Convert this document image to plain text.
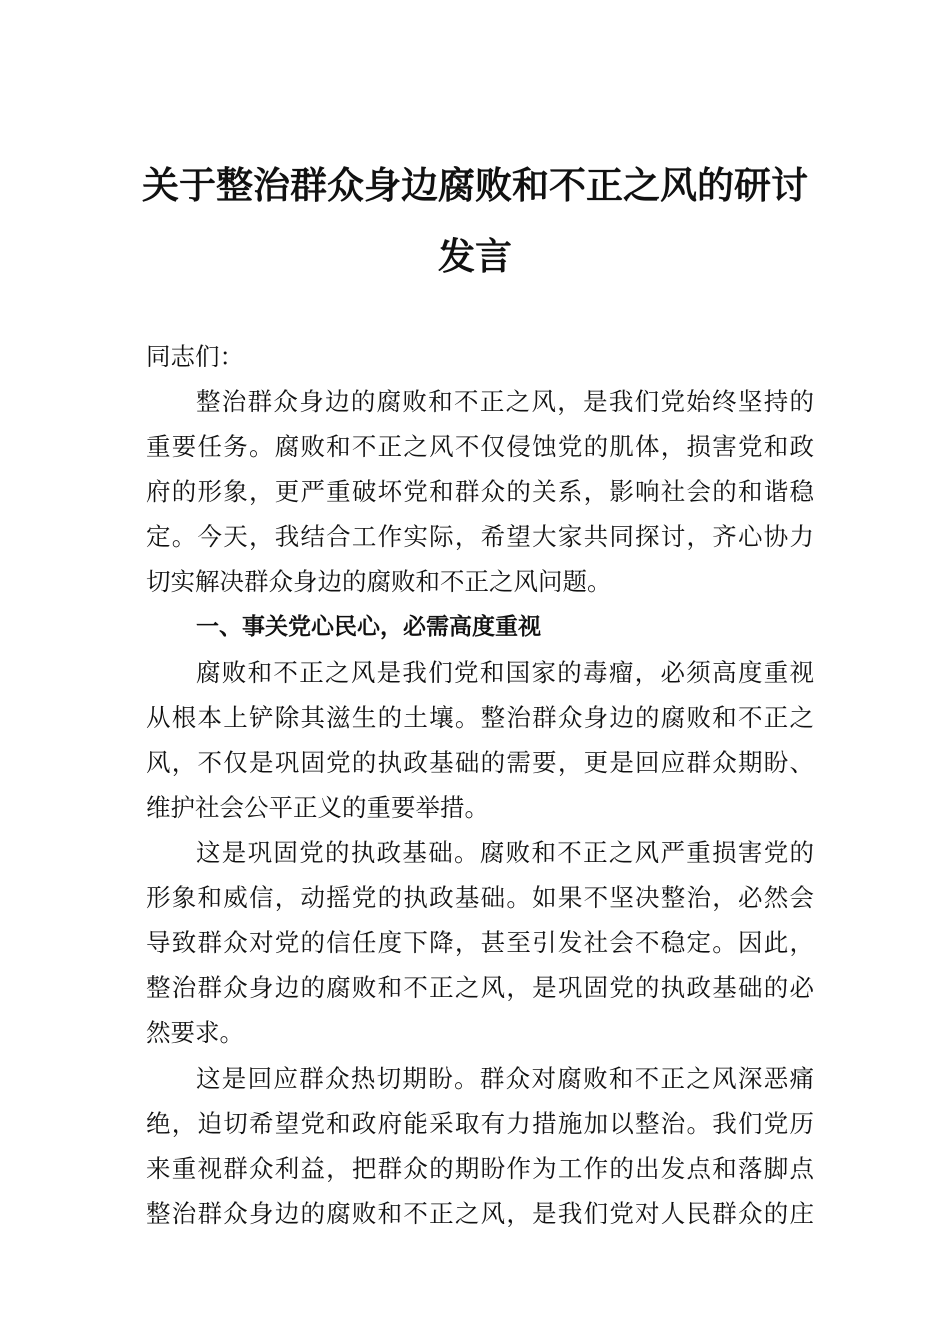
关于整治群众身边腐败和不正之风的研讨
发言
同志们：

整治群众身边的腐败和不正之风，是我们党始终坚持的
重要任务。腐败和不正之风不仅侵蚀党的肌体，损害党和政
府的形象，更严重破坏党和群众的关系，影响社会的和谐稳
定。今天，我结合工作实际，希望大家共同探讨，齐心协力
切实解决群众身边的腐败和不正之风问题。

一、事关党心民心，必需高度重视

腐败和不正之风是我们党和国家的毒瘤，必须高度重视
从根本上铲除其滋生的土壤。整治群众身边的腐败和不正之
风，不仅是巩固党的执政基础的需要，更是回应群众期盼、
维护社会公平正义的重要举措。

这是巩固党的执政基础。腐败和不正之风严重损害党的
形象和威信，动摇党的执政基础。如果不坚决整治，必然会
导致群众对党的信任度下降，甚至引发社会不稳定。因此，
整治群众身边的腐败和不正之风，是巩固党的执政基础的必
然要求。

这是回应群众热切期盼。群众对腐败和不正之风深恶痛
绝，迫切希望党和政府能采取有力措施加以整治。我们党历
来重视群众利益，把群众的期盼作为工作的出发点和落脚点
整治群众身边的腐败和不正之风，是我们党对人民群众的庄
